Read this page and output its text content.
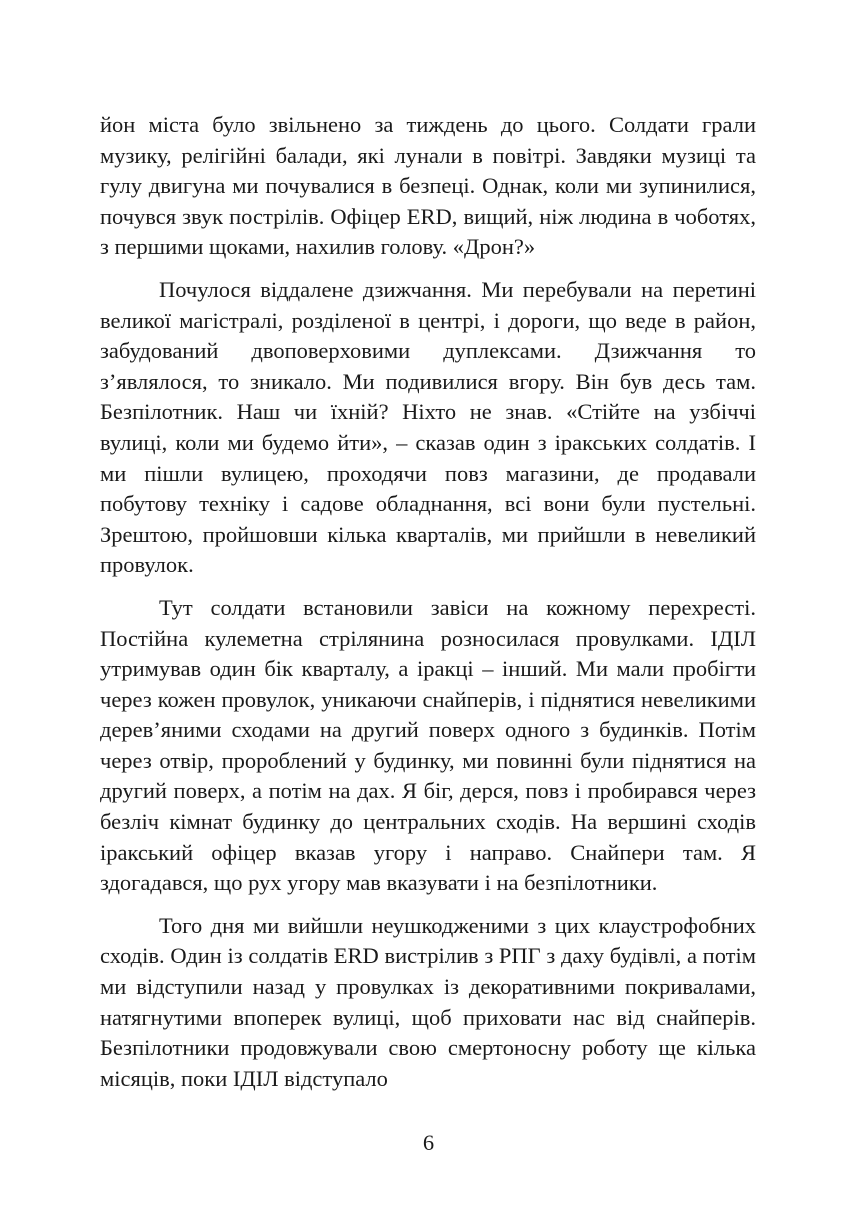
йон міста було звільнено за тиждень до цього. Солдати грали музику, релігійні балади, які лунали в повітрі. Завдяки музиці та гулу двигуна ми почувалися в безпеці. Однак, коли ми зупинилися, почувся звук пострілів. Офіцер ERD, вищий, ніж людина в чоботях, з першими щоками, нахилив голову. «Дрон?»

Почулося віддалене дзижчання. Ми перебували на перетині великої магістралі, розділеної в центрі, і дороги, що веде в район, забудований двоповерховими дуплексами. Дзижчання то з’являлося, то зникало. Ми подивилися вгору. Він був десь там. Безпілотник. Наш чи їхній? Ніхто не знав. «Стійте на узбіччі вулиці, коли ми будемо йти», – сказав один з іракських солдатів. І ми пішли вулицею, проходячи повз магазини, де продавали побутову техніку і садове обладнання, всі вони були пустельні. Зрештою, пройшовши кілька кварталів, ми прийшли в невеликий провулок.

Тут солдати встановили завіси на кожному перехресті. Постійна кулеметна стрілянина розносилася провулками. ІДІЛ утримував один бік кварталу, а іракці – інший. Ми мали пробігти через кожен провулок, уникаючи снайперів, і піднятися невеликими дерев’яними сходами на другий поверх одного з будинків. Потім через отвір, пророблений у будинку, ми повинні були піднятися на другий поверх, а потім на дах. Я біг, дерся, повз і пробирався через безліч кімнат будинку до центральних сходів. На вершині сходів іракський офіцер вказав угору і направо. Снайпери там. Я здогадався, що рух угору мав вказувати і на безпілотники.

Того дня ми вийшли неушкодженими з цих клаустрофобних сходів. Один із солдатів ERD вистрілив з РПГ з даху будівлі, а потім ми відступили назад у провулках із декоративними покривалами, натягнутими впоперек вулиці, щоб приховати нас від снайперів. Безпілотники продовжували свою смертоносну роботу ще кілька місяців, поки ІДІЛ відступало

6
